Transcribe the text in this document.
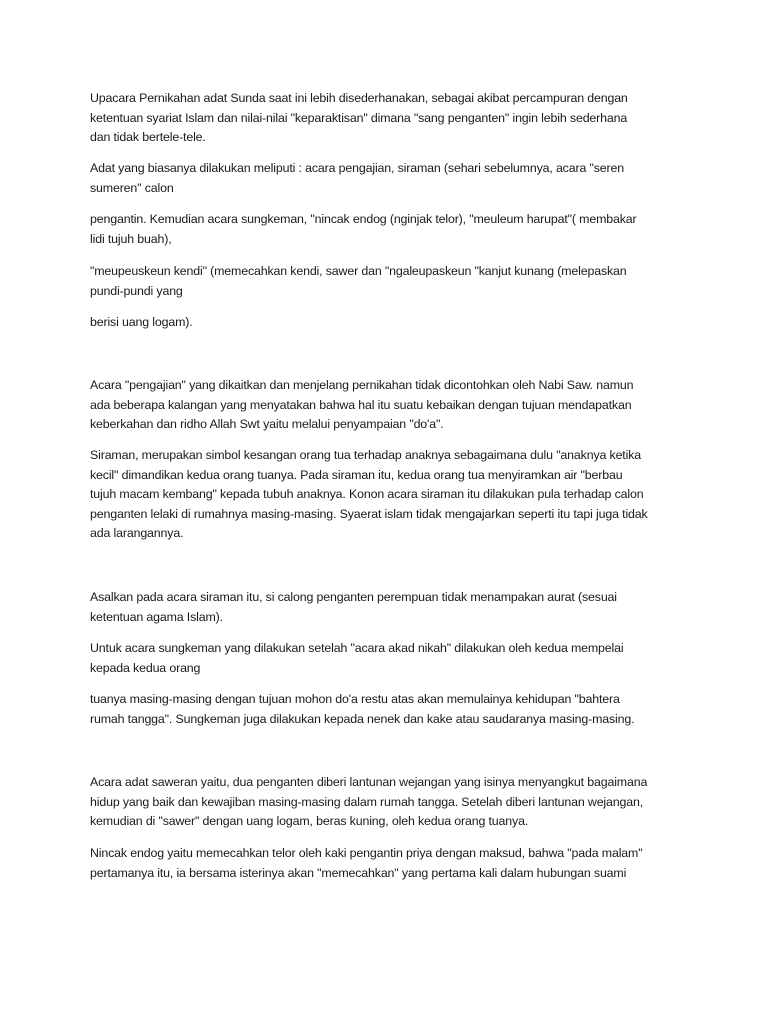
Upacara Pernikahan adat Sunda saat ini lebih disederhanakan, sebagai akibat percampuran dengan
ketentuan syariat Islam dan nilai-nilai "keparaktisan" dimana "sang penganten" ingin lebih sederhana
dan tidak bertele-tele.

Adat yang biasanya dilakukan meliputi : acara pengajian, siraman (sehari sebelumnya, acara "seren
sumeren" calon

pengantin. Kemudian acara sungkeman, "nincak endog (nginjak telor), "meuleum harupat"( membakar
lidi tujuh buah),

"meupeuskeun kendi" (memecahkan kendi, sawer dan "ngaleupaskeun "kanjut kunang (melepaskan
pundi-pundi yang

berisi uang logam).

Acara "pengajian" yang dikaitkan dan menjelang pernikahan tidak dicontohkan oleh Nabi Saw. namun
ada beberapa kalangan yang menyatakan bahwa hal itu suatu kebaikan dengan tujuan mendapatkan
keberkahan dan ridho Allah Swt yaitu melalui penyampaian "do'a".

Siraman, merupakan simbol kesangan orang tua terhadap anaknya sebagaimana dulu "anaknya ketika
kecil" dimandikan kedua orang tuanya. Pada siraman itu, kedua orang tua menyiramkan air "berbau
tujuh macam kembang" kepada tubuh anaknya. Konon acara siraman itu dilakukan pula terhadap calon
penganten lelaki di rumahnya masing-masing. Syaerat islam tidak mengajarkan seperti itu tapi juga tidak
ada larangannya.

Asalkan pada acara siraman itu, si calong penganten perempuan tidak menampakan aurat (sesuai
ketentuan agama Islam).

Untuk acara sungkeman yang dilakukan setelah "acara akad nikah" dilakukan oleh kedua mempelai
kepada kedua orang

tuanya masing-masing dengan tujuan mohon do'a restu atas akan memulainya kehidupan "bahtera
rumah tangga". Sungkeman juga dilakukan kepada nenek dan kake atau saudaranya masing-masing.

Acara adat saweran yaitu, dua penganten diberi lantunan wejangan yang isinya menyangkut bagaimana
hidup yang baik dan kewajiban masing-masing dalam rumah tangga. Setelah diberi lantunan wejangan,
kemudian di "sawer" dengan uang logam, beras kuning, oleh kedua orang tuanya.

Nincak endog yaitu memecahkan telor oleh kaki pengantin priya dengan maksud, bahwa "pada malam"
pertamanya itu, ia bersama isterinya akan "memecahkan" yang pertama kali dalam hubungan suami
